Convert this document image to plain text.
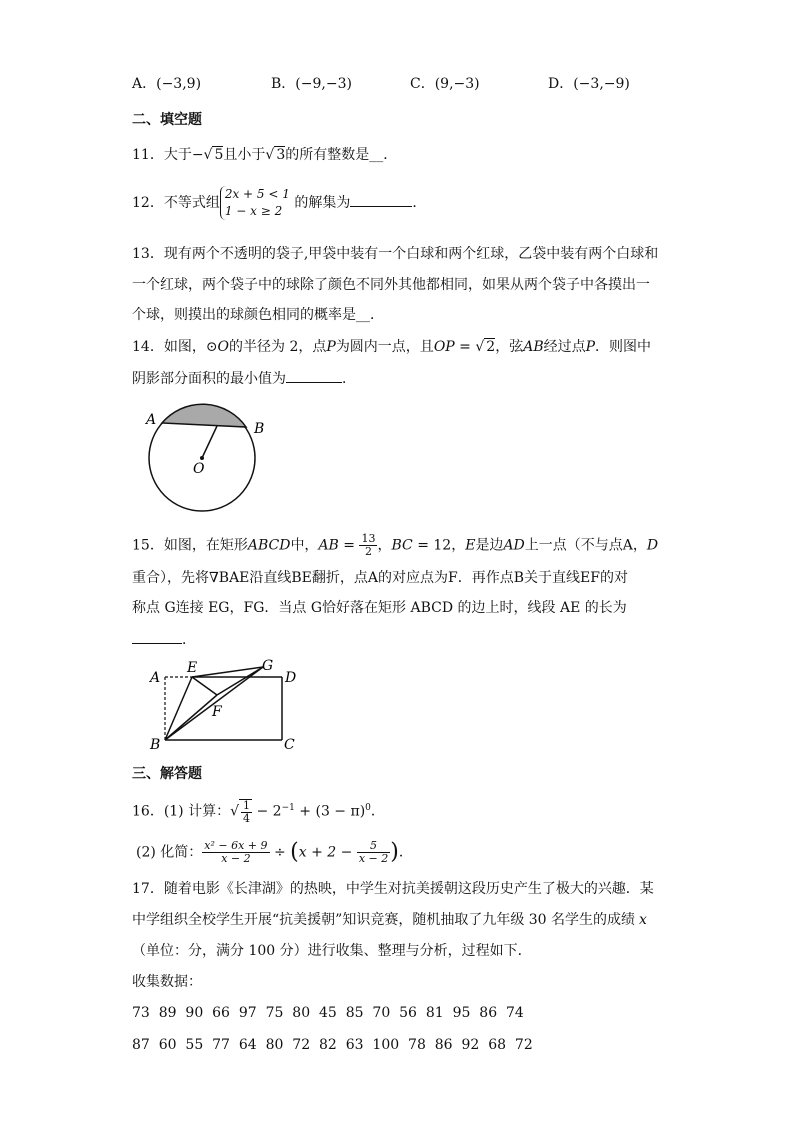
A．(−3,9)	B．(−9,−3)	C．(9,−3)	D．(−3,−9)
二、填空题
11．大于−√ 5且小于√ 3的所有整数是__．
12．不等式组
2x + 5 < 1
1 − x ≥ 2 的解集为	．
13．现有两个不透明的袋子,甲袋中装有一个白球和两个红球，乙袋中装有两个白球和
一个红球，两个袋子中的球除了颜色不同外其他都相同，如果从两个袋子中各摸出一
个球，则摸出的球颜色相同的概率是__．
14．如图，⊙O的半径为 2，点P为圆内一点，且OP = √ 2，弦AB经过点P．则图中
阴影部分面积的最小值为	．
A
B
O
15．如图，在矩形ABCD中，AB = $\frac{13}{2}$ ，BC = 12，E是边AD上一点（不与点A，D
重合），先将∇BAE沿直线BE翻折，点A的对应点为F．再作点B关于直线EF的对
称点 G连接 EG，FG．当点 G恰好落在矩形 ABCD 的边上时，线段 AE 的长为
．
A
E	G
D
F
B	C
三、解答题
16．(1) 计算：√ $\frac{1}{4} - 2^{-1} + (3 - \pi)^0$．
(2) 化简： $\frac{\text{x² − 6x + 9}}{x - 2} \div (x + 2 - \frac{5}{x - 2}$ )．
17．随着电影《长津湖》的热映，中学生对抗美援朝这段历史产生了极大的兴趣．某
中学组织全校学生开展“抗美援朝”知识竞赛，随机抽取了九年级 30 名学生的成绩 x
（单位：分，满分 100 分）进行收集、整理与分析，过程如下．
收集数据：
73  89  90  66  97  75  80  45  85  70  56  81  95  86  74
87  60  55  77  64  80  72  82  63  100  78  86  92  68  72
